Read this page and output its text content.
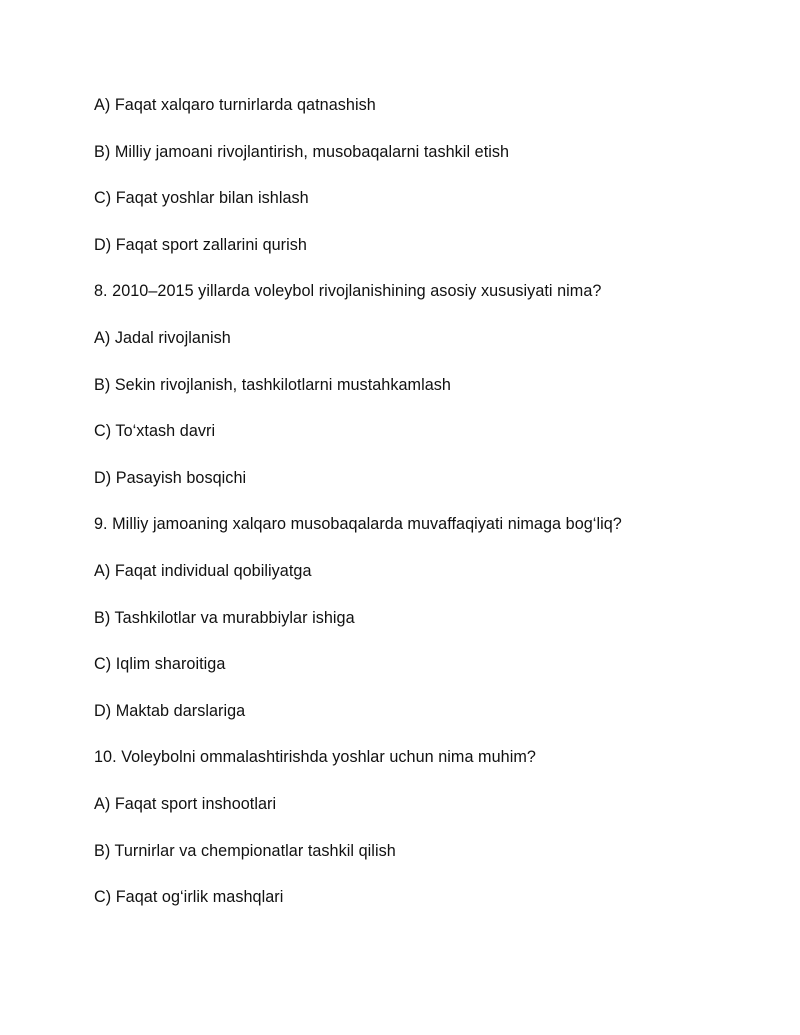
A) Faqat xalqaro turnirlarda qatnashish
B) Milliy jamoani rivojlantirish, musobaqalarni tashkil etish
C) Faqat yoshlar bilan ishlash
D) Faqat sport zallarini qurish
8. 2010–2015 yillarda voleybol rivojlanishining asosiy xususiyati nima?
A) Jadal rivojlanish
B) Sekin rivojlanish, tashkilotlarni mustahkamlash
C) To‘xtash davri
D) Pasayish bosqichi
9. Milliy jamoaning xalqaro musobaqalarda muvaffaqiyati nimaga bog‘liq?
A) Faqat individual qobiliyatga
B) Tashkilotlar va murabbiylar ishiga
C) Iqlim sharoitiga
D) Maktab darslariga
10. Voleybolni ommalashtirishda yoshlar uchun nima muhim?
A) Faqat sport inshootlari
B) Turnirlar va chempionatlar tashkil qilish
C) Faqat og‘irlik mashqlari
